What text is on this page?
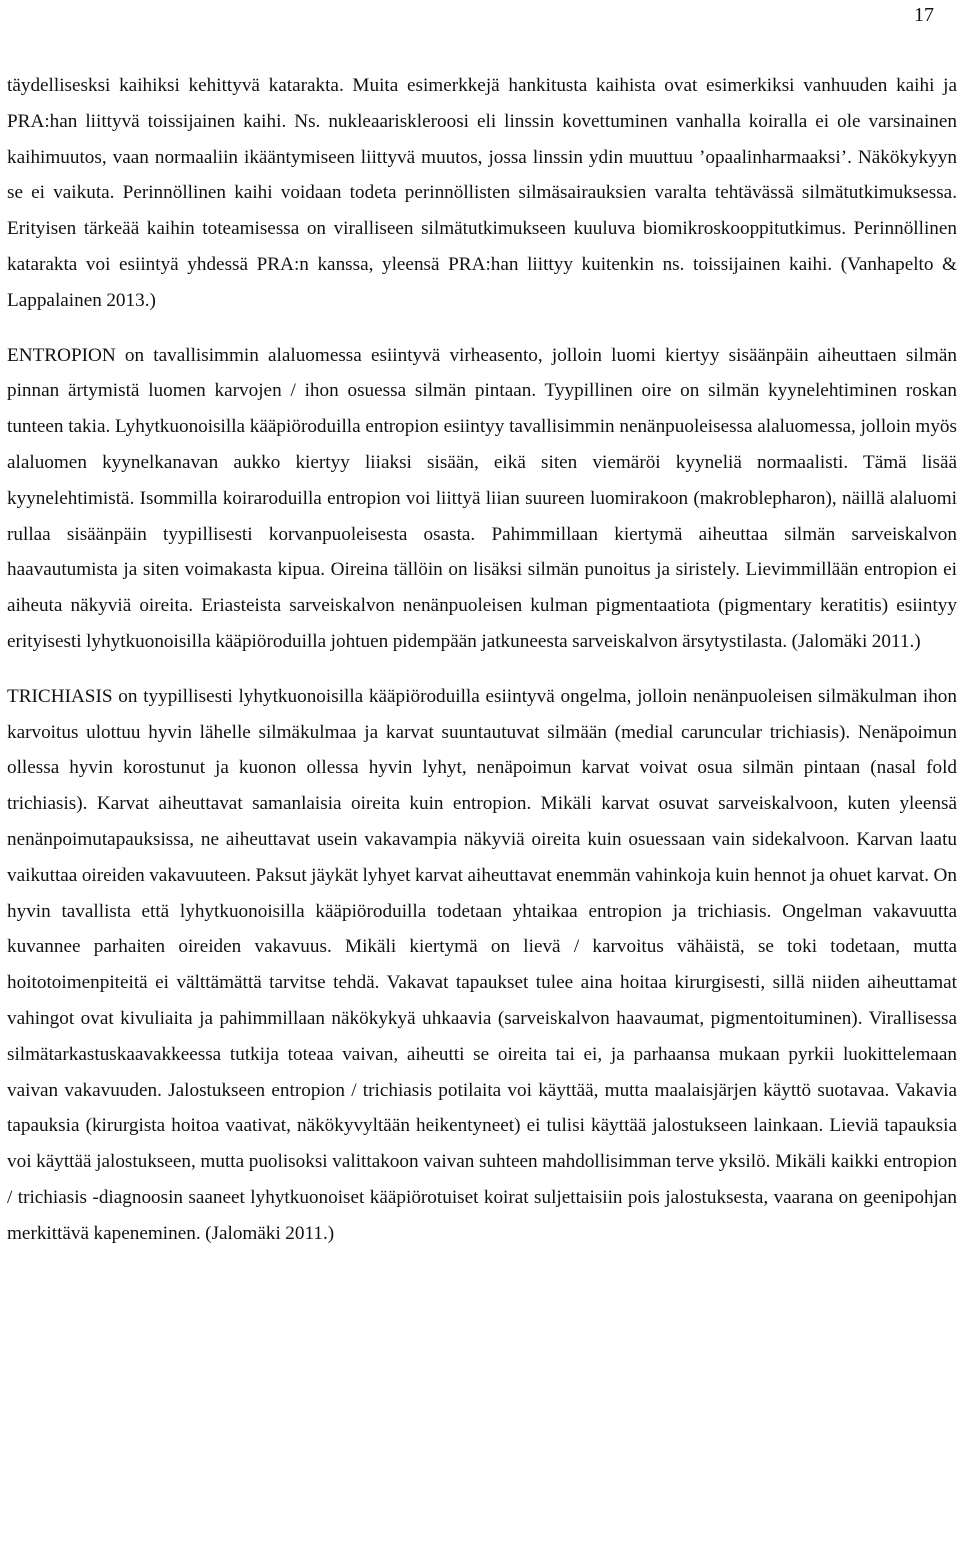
17

täydellisesksi kaihiksi kehittyvä katarakta. Muita esimerkkejä hankitusta kaihista ovat esimerkiksi vanhuuden kaihi ja PRA:han liittyvä toissijainen kaihi. Ns. nukleaariskleroosi eli linssin kovettuminen vanhalla koiralla ei ole varsinainen kaihimuutos, vaan normaaliin ikääntymiseen liittyvä muutos, jossa linssin ydin muuttuu ’opaalinharmaaksi’. Näkökykyyn se ei vaikuta. Perinnöllinen kaihi voidaan todeta perinnöllisten silmäsairauksien varalta tehtävässä silmätutkimuksessa. Erityisen tärkeää kaihin toteamisessa on viralliseen silmätutkimukseen kuuluva biomikroskooppitutkimus. Perinnöllinen katarakta voi esiintyä yhdessä PRA:n kanssa, yleensä PRA:han liittyy kuitenkin ns. toissijainen kaihi. (Vanhapelto & Lappalainen 2013.)

ENTROPION on tavallisimmin alaluomessa esiintyvä virheasento, jolloin luomi kiertyy sisäänpäin aiheuttaen silmän pinnan ärtymistä luomen karvojen / ihon osuessa silmän pintaan. Tyypillinen oire on silmän kyynelehtiminen roskan tunteen takia. Lyhytkuonoisilla kääpiöroduilla entropion esiintyy tavallisimmin nenänpuoleisessa alaluomessa, jolloin myös alaluomen kyynelkanavan aukko kiertyy liiaksi sisään, eikä siten viemäröi kyyneliä normaalisti. Tämä lisää kyynelehtimistä. Isommilla koiraroduilla entropion voi liittyä liian suureen luomirakoon (makroblepharon), näillä alaluomi rullaa sisäänpäin tyypillisesti korvanpuoleisesta osasta. Pahimmillaan kiertymä aiheuttaa silmän sarveiskalvon haavautumista ja siten voimakasta kipua. Oireina tällöin on lisäksi silmän punoitus ja siristely. Lievimmillään entropion ei aiheuta näkyviä oireita. Eriasteista sarveiskalvon nenänpuoleisen kulman pigmentaatiota (pigmentary keratitis) esiintyy erityisesti lyhytkuonoisilla kääpiöroduilla johtuen pidempään jatkuneesta sarveiskalvon ärsytystilasta. (Jalomäki 2011.)

TRICHIASIS on tyypillisesti lyhytkuonoisilla kääpiöroduilla esiintyvä ongelma, jolloin nenänpuoleisen silmäkulman ihon karvoitus ulottuu hyvin lähelle silmäkulmaa ja karvat suuntautuvat silmään (medial caruncular trichiasis). Nenäpoimun ollessa hyvin korostunut ja kuonon ollessa hyvin lyhyt, nenäpoimun karvat voivat osua silmän pintaan (nasal fold trichiasis). Karvat aiheuttavat samanlaisia oireita kuin entropion. Mikäli karvat osuvat sarveiskalvoon, kuten yleensä nenänpoimutapauksissa, ne aiheuttavat usein vakavampia näkyviä oireita kuin osuessaan vain sidekalvoon. Karvan laatu vaikuttaa oireiden vakavuuteen. Paksut jäykät lyhyet karvat aiheuttavat enemmän vahinkoja kuin hennot ja ohuet karvat. On hyvin tavallista että lyhytkuonoisilla kääpiöroduilla todetaan yhtaikaa entropion ja trichiasis. Ongelman vakavuutta kuvannee parhaiten oireiden vakavuus. Mikäli kiertymä on lievä / karvoitus vähäistä, se toki todetaan, mutta hoitotoimenpiteitä ei välttämättä tarvitse tehdä. Vakavat tapaukset tulee aina hoitaa kirurgisesti, sillä niiden aiheuttamat vahingot ovat kivuliaita ja pahimmillaan näkökykyä uhkaavia (sarveiskalvon haavaumat, pigmentoituminen). Virallisessa silmätarkastuskaavakkeessa tutkija toteaa vaivan, aiheutti se oireita tai ei, ja parhaansa mukaan pyrkii luokittelemaan vaivan vakavuuden. Jalostukseen entropion / trichiasis potilaita voi käyttää, mutta maalaisjärjen käyttö suotavaa. Vakavia tapauksia (kirurgista hoitoa vaativat, näkökyvyltään heikentyneet) ei tulisi käyttää jalostukseen lainkaan. Lieviä tapauksia voi käyttää jalostukseen, mutta puolisoksi valittakoon vaivan suhteen mahdollisimman terve yksilö. Mikäli kaikki entropion / trichiasis -diagnoosin saaneet lyhytkuonoiset kääpiörotuiset koirat suljettaisiin pois jalostuksesta, vaarana on geenipohjan merkittävä kapeneminen. (Jalomäki 2011.)
